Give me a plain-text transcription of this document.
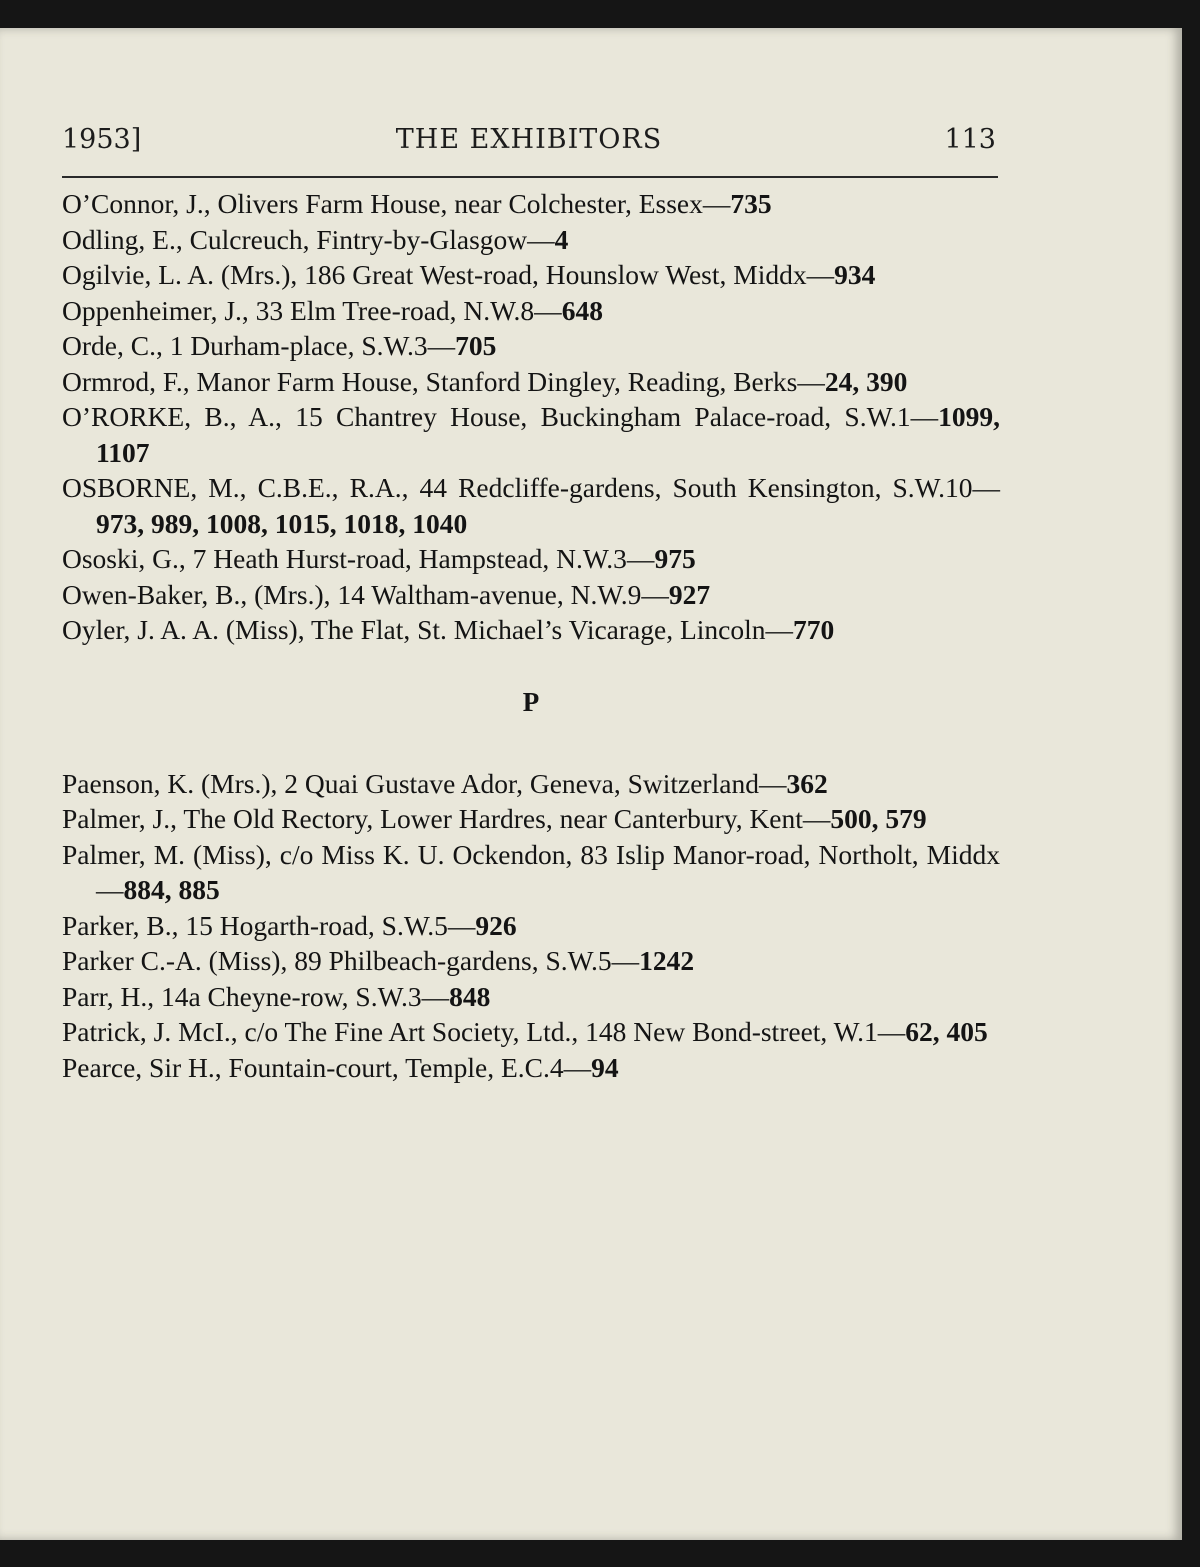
1953]	THE EXHIBITORS	113

O’Connor, J., Olivers Farm House, near Colchester, Essex—735

Odling, E., Culcreuch, Fintry-by-Glasgow—4

Ogilvie, L. A. (Mrs.), 186 Great West-road, Hounslow West, Middx—934

Oppenheimer, J., 33 Elm Tree-road, N.W.8—648

Orde, C., 1 Durham-place, S.W.3—705

Ormrod, F., Manor Farm House, Stanford Dingley, Reading, Berks—24, 390

O’RORKE, B., A., 15 Chantrey House, Buckingham Palace-road, S.W.1—1099, 1107

OSBORNE, M., C.B.E., R.A., 44 Redcliffe-gardens, South Kensington, S.W.10—973, 989, 1008, 1015, 1018, 1040

Ososki, G., 7 Heath Hurst-road, Hampstead, N.W.3—975

Owen-Baker, B., (Mrs.), 14 Waltham-avenue, N.W.9—927

Oyler, J. A. A. (Miss), The Flat, St. Michael’s Vicarage, Lincoln—770

P

Paenson, K. (Mrs.), 2 Quai Gustave Ador, Geneva, Switzerland—362

Palmer, J., The Old Rectory, Lower Hardres, near Canterbury, Kent—500, 579

Palmer, M. (Miss), c/o Miss K. U. Ockendon, 83 Islip Manor-road, Northolt, Middx—884, 885

Parker, B., 15 Hogarth-road, S.W.5—926

Parker C.-A. (Miss), 89 Philbeach-gardens, S.W.5—1242

Parr, H., 14a Cheyne-row, S.W.3—848

Patrick, J. McI., c/o The Fine Art Society, Ltd., 148 New Bond-street, W.1—62, 405

Pearce, Sir H., Fountain-court, Temple, E.C.4—94
